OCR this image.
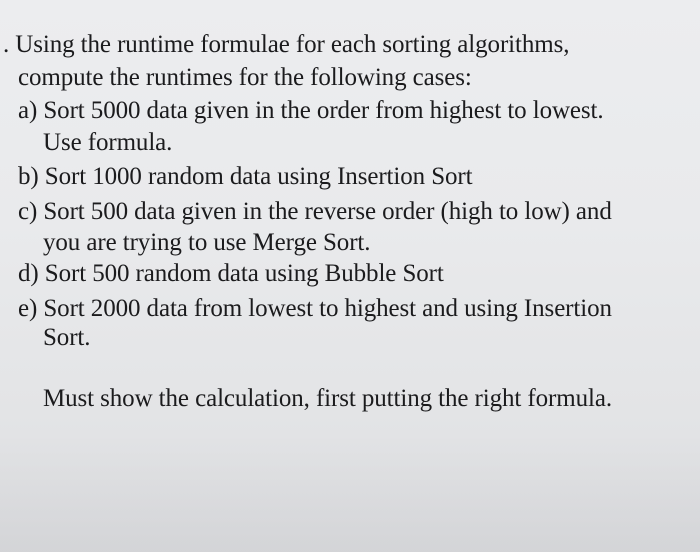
. Using the runtime formulae for each sorting algorithms,
compute the runtimes for the following cases:
a) Sort 5000 data given in the order from highest to lowest.
Use formula.
b) Sort 1000 random data using Insertion Sort
c) Sort 500 data given in the reverse order (high to low) and
you are trying to use Merge Sort.
d) Sort 500 random data using Bubble Sort
e) Sort 2000 data from lowest to highest and using Insertion
Sort.
Must show the calculation, first putting the right formula.
